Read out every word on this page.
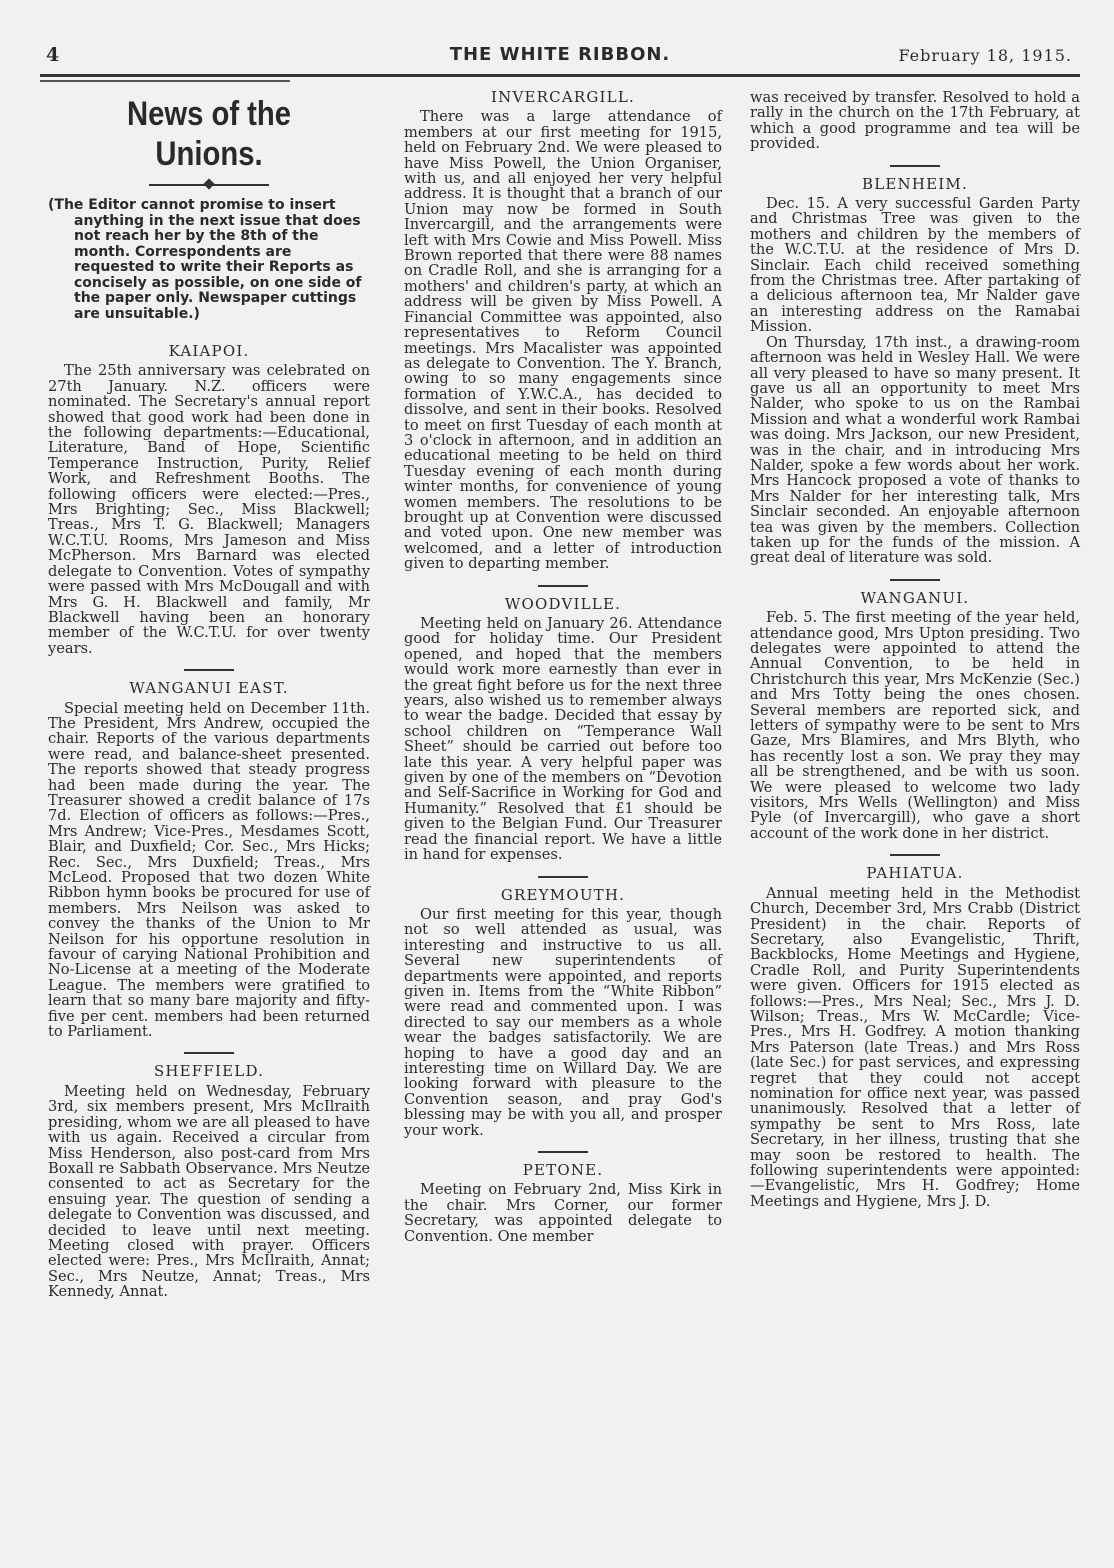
4	THE WHITE RIBBON.	February 18, 1915.
News of the Unions.
(The Editor cannot promise to insert
anything in the next issue that does not reach her by the 8th of the month. Correspondents are requested to write their Reports as concisely as possible, on one side of the paper only. Newspaper cuttings are unsuitable.)
KAIAPOI.

The 25th anniversary was celebrated on 27th January. N.Z. officers were nominated. The Secretary's annual report showed that good work had been done in the following departments:—Educational, Literature, Band of Hope, Scientific Temperance Instruction, Purity, Relief Work, and Refreshment Booths. The following officers were elected:—Pres., Mrs Brighting; Sec., Miss Blackwell; Treas., Mrs T. G. Blackwell; Managers W.C.T.U. Rooms, Mrs Jameson and Miss McPherson. Mrs Barnard was elected delegate to Convention. Votes of sympathy were passed with Mrs McDougall and with Mrs G. H. Blackwell and family, Mr Blackwell having been an honorary member of the W.C.T.U. for over twenty years.

WANGANUI EAST.

Special meeting held on December 11th. The President, Mrs Andrew, occupied the chair. Reports of the various departments were read, and balance-sheet presented. The reports showed that steady progress had been made during the year. The Treasurer showed a credit balance of 17s 7d. Election of officers as follows:—Pres., Mrs Andrew; Vice-Pres., Mesdames Scott, Blair, and Duxfield; Cor. Sec., Mrs Hicks; Rec. Sec., Mrs Duxfield; Treas., Mrs McLeod. Proposed that two dozen White Ribbon hymn books be procured for use of members. Mrs Neilson was asked to convey the thanks of the Union to Mr Neilson for his opportune resolution in favour of carying National Prohibition and No-License at a meeting of the Moderate League. The members were gratified to learn that so many bare majority and fifty-five per cent. members had been returned to Parliament.

SHEFFIELD.

Meeting held on Wednesday, February 3rd, six members present, Mrs McIlraith presiding, whom we are all pleased to have with us again. Received a circular from Miss Henderson, also post-card from Mrs Boxall re Sabbath Observance. Mrs Neutze consented to act as Secretary for the ensuing year. The question of sending a delegate to Convention was discussed, and decided to leave until next meeting. Meeting closed with prayer. Officers elected were: Pres., Mrs McIlraith, Annat; Sec., Mrs Neutze, Annat; Treas., Mrs Kennedy, Annat.

INVERCARGILL.

There was a large attendance of members at our first meeting for 1915, held on February 2nd. We were pleased to have Miss Powell, the Union Organiser, with us, and all enjoyed her very helpful address. It is thought that a branch of our Union may now be formed in South Invercargill, and the arrangements were left with Mrs Cowie and Miss Powell. Miss Brown reported that there were 88 names on Cradle Roll, and she is arranging for a mothers' and children's party, at which an address will be given by Miss Powell. A Financial Committee was appointed, also representatives to Reform Council meetings. Mrs Macalister was appointed as delegate to Convention. The Y. Branch, owing to so many engagements since formation of Y.W.C.A., has decided to dissolve, and sent in their books. Resolved to meet on first Tuesday of each month at 3 o'clock in afternoon, and in addition an educational meeting to be held on third Tuesday evening of each month during winter months, for convenience of young women members. The resolutions to be brought up at Convention were discussed and voted upon. One new member was welcomed, and a letter of introduction given to departing member.

WOODVILLE.

Meeting held on January 26. Attendance good for holiday time. Our President opened, and hoped that the members would work more earnestly than ever in the great fight before us for the next three years, also wished us to remember always to wear the badge. Decided that essay by school children on “Temperance Wall Sheet” should be carried out before too late this year. A very helpful paper was given by one of the members on “Devotion and Self-Sacrifice in Working for God and Humanity.” Resolved that £1 should be given to the Belgian Fund. Our Treasurer read the financial report. We have a little in hand for expenses.

GREYMOUTH.

Our first meeting for this year, though not so well attended as usual, was interesting and instructive to us all. Several new superintendents of departments were appointed, and reports given in. Items from the “White Ribbon” were read and commented upon. I was directed to say our members as a whole wear the badges satisfactorily. We are hoping to have a good day and an interesting time on Willard Day. We are looking forward with pleasure to the Convention season, and pray God's blessing may be with you all, and prosper your work.

PETONE.

Meeting on February 2nd, Miss Kirk in the chair. Mrs Corner, our former Secretary, was appointed delegate to Convention. One member

was received by transfer. Resolved to hold a rally in the church on the 17th February, at which a good programme and tea will be provided.

BLENHEIM.

Dec. 15. A very successful Garden Party and Christmas Tree was given to the mothers and children by the members of the W.C.T.U. at the residence of Mrs D. Sinclair. Each child received something from the Christmas tree. After partaking of a delicious afternoon tea, Mr Nalder gave an interesting address on the Ramabai Mission.

On Thursday, 17th inst., a drawing-room afternoon was held in Wesley Hall. We were all very pleased to have so many present. It gave us all an opportunity to meet Mrs Nalder, who spoke to us on the Rambai Mission and what a wonderful work Rambai was doing. Mrs Jackson, our new President, was in the chair, and in introducing Mrs Nalder, spoke a few words about her work. Mrs Hancock proposed a vote of thanks to Mrs Nalder for her interesting talk, Mrs Sinclair seconded. An enjoyable afternoon tea was given by the members. Collection taken up for the funds of the mission. A great deal of literature was sold.

WANGANUI.

Feb. 5. The first meeting of the year held, attendance good, Mrs Upton presiding. Two delegates were appointed to attend the Annual Convention, to be held in Christchurch this year, Mrs McKenzie (Sec.) and Mrs Totty being the ones chosen. Several members are reported sick, and letters of sympathy were to be sent to Mrs Gaze, Mrs Blamires, and Mrs Blyth, who has recently lost a son. We pray they may all be strengthened, and be with us soon. We were pleased to welcome two lady visitors, Mrs Wells (Wellington) and Miss Pyle (of Invercargill), who gave a short account of the work done in her district.

PAHIATUA.

Annual meeting held in the Methodist Church, December 3rd, Mrs Crabb (District President) in the chair. Reports of Secretary, also Evangelistic, Thrift, Backblocks, Home Meetings and Hygiene, Cradle Roll, and Purity Superintendents were given. Officers for 1915 elected as follows:—Pres., Mrs Neal; Sec., Mrs J. D. Wilson; Treas., Mrs W. McCardle; Vice-Pres., Mrs H. Godfrey. A motion thanking Mrs Paterson (late Treas.) and Mrs Ross (late Sec.) for past services, and expressing regret that they could not accept nomination for office next year, was passed unanimously. Resolved that a letter of sympathy be sent to Mrs Ross, late Secretary, in her illness, trusting that she may soon be restored to health. The following superintendents were appointed:—Evangelistic, Mrs H. Godfrey; Home Meetings and Hygiene, Mrs J. D.
